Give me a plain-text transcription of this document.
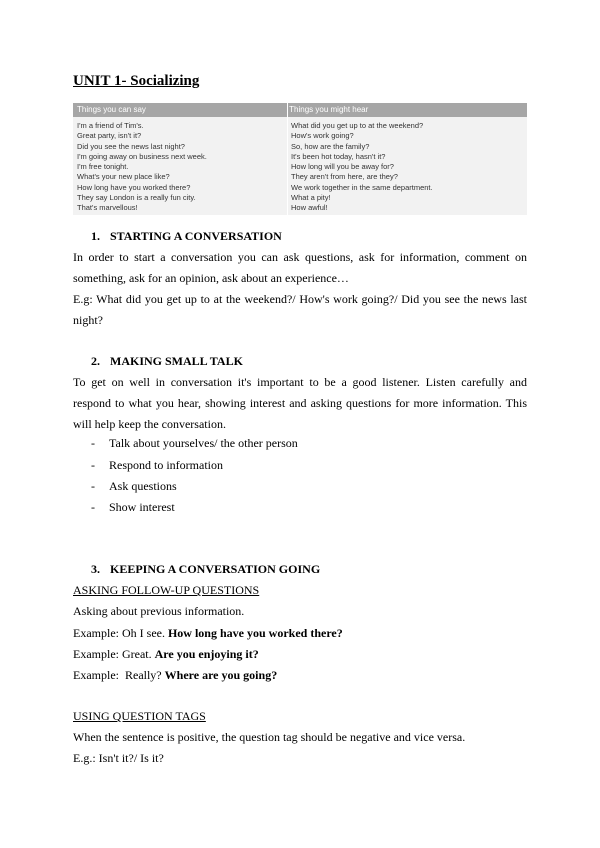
UNIT 1- Socializing
Things you can say	Things you might hear
I'm a friend of Tim's.
Great party, isn't it?
Did you see the news last night?
I'm going away on business next week.
I'm free tonight.
What's your new place like?
How long have you worked there?
They say London is a really fun city.
That's marvellous!
What did you get up to at the weekend?
How's work going?
So, how are the family?
It's been hot today, hasn't it?
How long will you be away for?
They aren't from here, are they?
We work together in the same department.
What a pity!
How awful!
1. STARTING A CONVERSATION
In order to start a conversation you can ask questions, ask for information, comment on something, ask for an opinion, ask about an experience…
E.g: What did you get up to at the weekend?/ How's work going?/ Did you see the news last night?
2. MAKING SMALL TALK
To get on well in conversation it's important to be a good listener. Listen carefully and respond to what you hear, showing interest and asking questions for more information. This will help keep the conversation.
- Talk about yourselves/ the other person
- Respond to information
- Ask questions
- Show interest
3. KEEPING A CONVERSATION GOING
ASKING FOLLOW-UP QUESTIONS
Asking about previous information.
Example: Oh I see. How long have you worked there?
Example: Great. Are you enjoying it?
Example:  Really? Where are you going?
USING QUESTION TAGS
When the sentence is positive, the question tag should be negative and vice versa.
E.g.: Isn't it?/ Is it?
